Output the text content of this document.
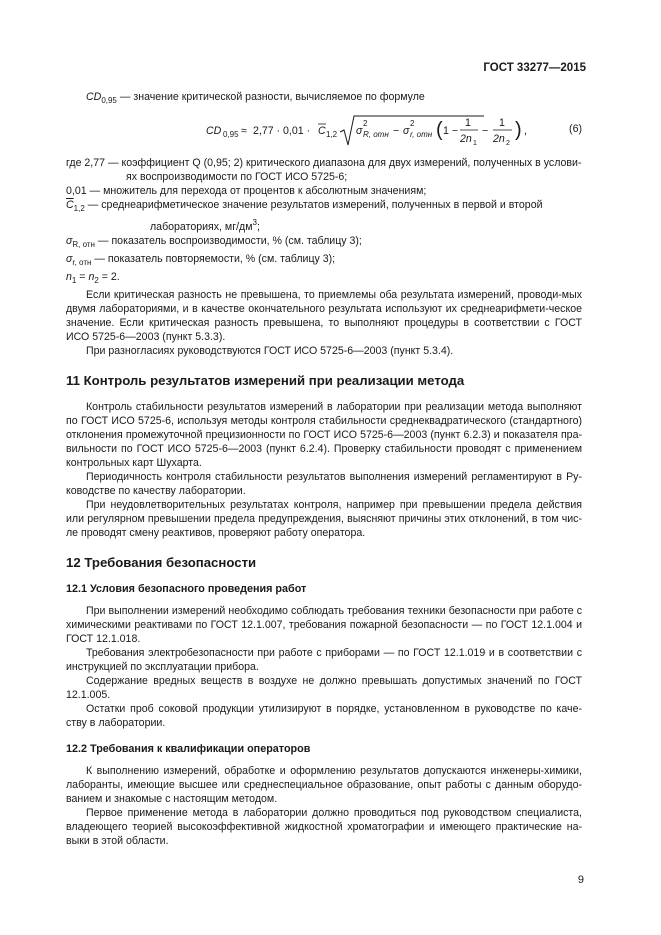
ГОСТ 33277—2015

$CD_{0,95}$ — значение критической разности, вычисляемое по формуле

CD 0,95 ≈ 2,77 · 0,01 · C 1,2 σ
2
R, отн − σ
2
r, отн ( 1 −
1
2n 1
−
1
2n 2
) ,	(6)

где 2,77 — коэффициент Q (0,95; 2) критического диапазона для двух измерений, полученных в услови-
ях воспроизводимости по ГОСТ ИСО 5725-6;

0,01 — множитель для перехода от процентов к абсолютным значениям;

$\overline{C}_{1,2}$ — среднеарифметическое значение результатов измерений, полученных в первой и второй
лабораториях, $мг/дм^3$;

$\sigma_{R, отн}$ — показатель воспроизводимости, % (см. таблицу 3);

$\sigma_{r, отн}$ — показатель повторяемости, % (см. таблицу 3);

$n_1 = n_2 = 2$.

Если критическая разность не превышена, то приемлемы оба результата измерений, проводи-мых двумя лабораториями, и в качестве окончательного результата используют их среднеарифмети-ческое значение. Если критическая разность превышена, то выполняют процедуры в соответствии с ГОСТ ИСО 5725-6—2003 (пункт 5.3.3).

При разногласиях руководствуются ГОСТ ИСО 5725-6—2003 (пункт 5.3.4).

11 Контроль результатов измерений при реализации метода

Контроль стабильности результатов измерений в лаборатории при реализации метода выполняют по ГОСТ ИСО 5725-6, используя методы контроля стабильности среднеквадратического (стандартного) отклонения промежуточной прецизионности по ГОСТ ИСО 5725-6—2003 (пункт 6.2.3) и показателя пра-вильности по ГОСТ ИСО 5725-6—2003 (пункт 6.2.4). Проверку стабильности проводят с применением контрольных карт Шухарта.

Периодичность контроля стабильности результатов выполнения измерений регламентируют в Ру-ководстве по качеству лаборатории.

При неудовлетворительных результатах контроля, например при превышении предела действия или регулярном превышении предела предупреждения, выясняют причины этих отклонений, в том чис-ле проводят смену реактивов, проверяют работу оператора.

12 Требования безопасности
12.1 Условия безопасного проведения работ

При выполнении измерений необходимо соблюдать требования техники безопасности при работе с химическими реактивами по ГОСТ 12.1.007, требования пожарной безопасности — по ГОСТ 12.1.004 и ГОСТ 12.1.018.

Требования электробезопасности при работе с приборами — по ГОСТ 12.1.019 и в соответствии с инструкцией по эксплуатации прибора.

Содержание вредных веществ в воздухе не должно превышать допустимых значений по ГОСТ 12.1.005.

Остатки проб соковой продукции утилизируют в порядке, установленном в руководстве по каче-ству в лаборатории.

12.2 Требования к квалификации операторов

К выполнению измерений, обработке и оформлению результатов допускаются инженеры-химики, лаборанты, имеющие высшее или среднеспециальное образование, опыт работы с данным оборудо-ванием и знакомые с настоящим методом.

Первое применение метода в лаборатории должно проводиться под руководством специалиста, владеющего теорией высокоэффективной жидкостной хроматографии и имеющего практические на-выки в этой области.

9
